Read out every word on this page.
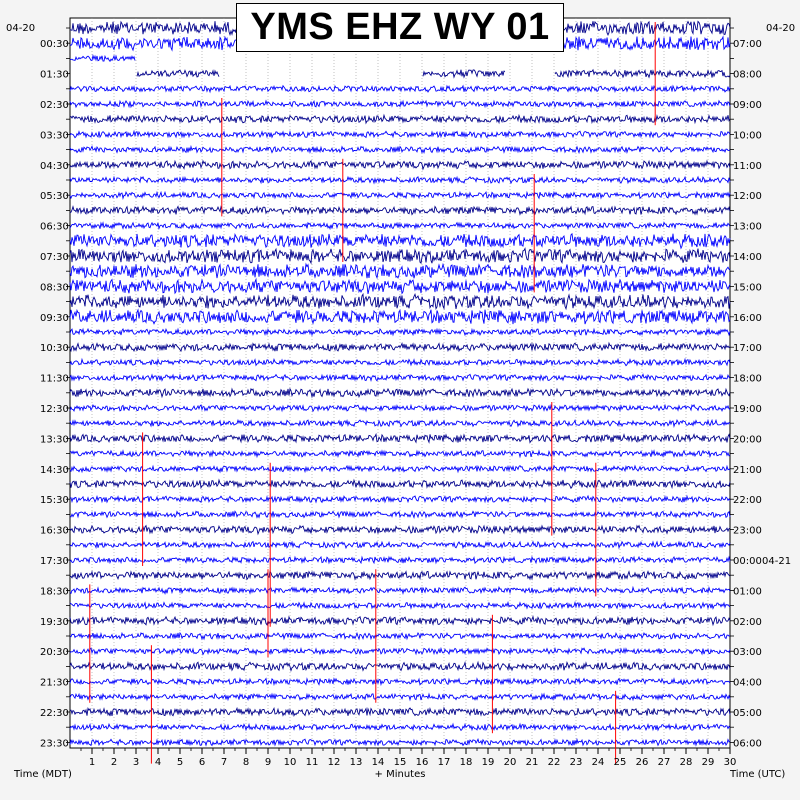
1 2 3 4 5 6 7 8 9 10 11 12 13 14 15 16 17 18 19 20 21 22 23 24 25 26 27 28 29 30
00:30
01:30
02:30
03:30
04:30
05:30
06:30
07:30
08:30
09:30
10:30
11:30
12:30
13:30
14:30
15:30
16:30
17:30
18:30
19:30
20:30
21:30
22:30
23:30
07:00
08:00
09:00
10:00
11:00
12:00
13:00
14:00
15:00
16:00
17:00
18:00
19:00
20:00
21:00
22:00
23:00
00:00 04-21
01:00
02:00
03:00
04:00
05:00
06:00
04-20	04-20
Time (MDT)	+ Minutes	Time (UTC)
YMS EHZ WY 01
